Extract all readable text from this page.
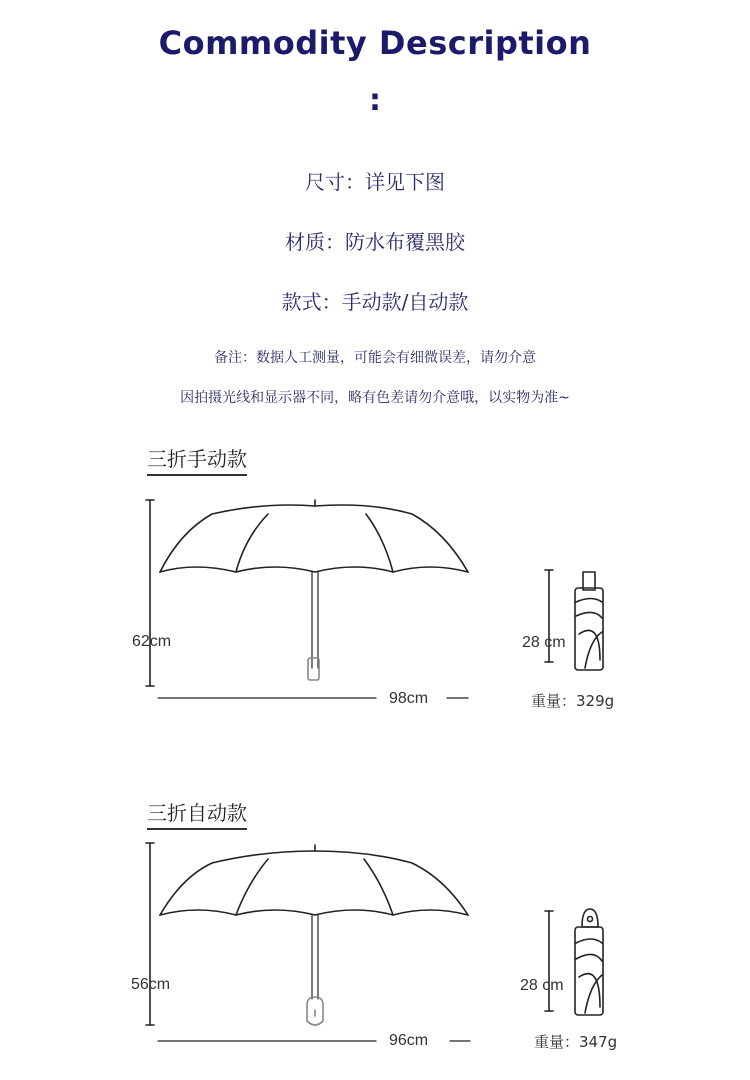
Commodity Description
:
尺寸：详见下图
材质：防水布覆黑胶
款式：手动款/自动款
备注：数据人工测量，可能会有细微误差，请勿介意
因拍摄光线和显示器不同，略有色差请勿介意哦，以实物为准~
三折手动款
62cm
98cm
28 cm
重量：329g
三折自动款
56cm
96cm
28 cm
重量：347g
